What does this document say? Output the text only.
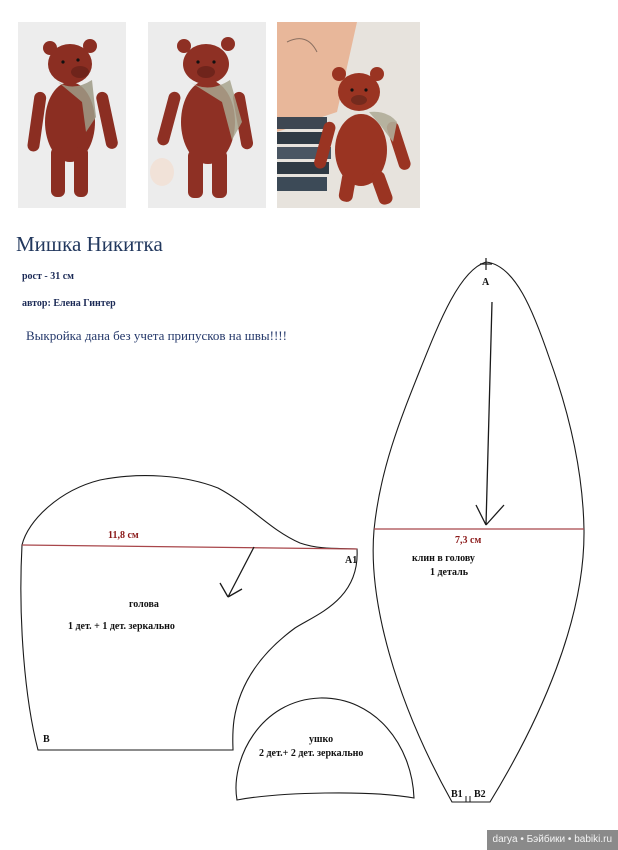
Мишка Никитка
рост - 31 см
автор: Елена Гинтер
Выкройка дана без учета припусков на швы!!!!
11,8 см
А1
В
голова
1 дет. + 1 дет. зеркально
А
7,3 см
клин в голову
1 деталь
В1 В2
ушко
2 дет.+ 2 дет. зеркально
darya • Бэйбики • babiki.ru
